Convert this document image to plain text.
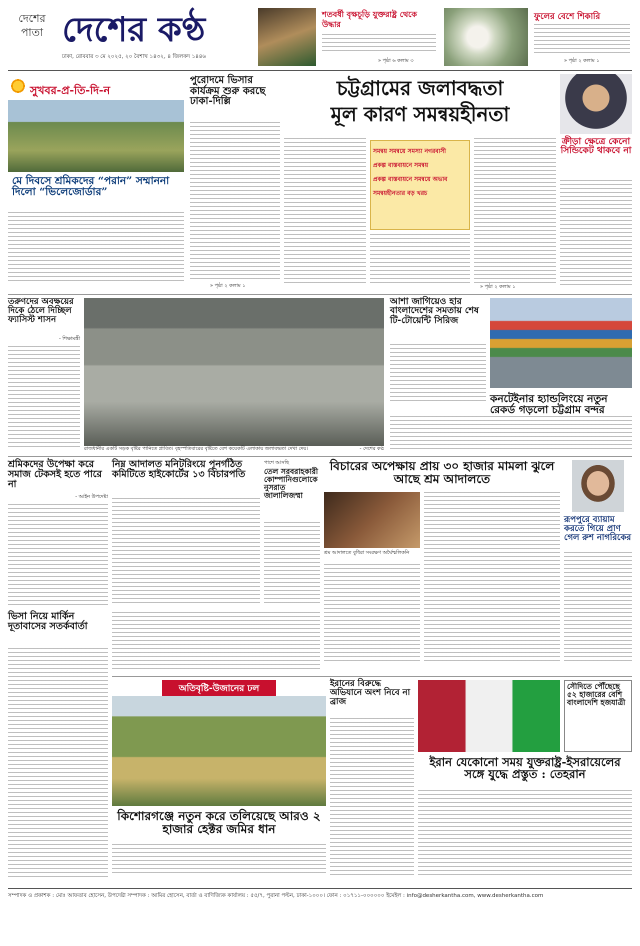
দেশের
পাতা দেশের কণ্ঠ
ঢাকা, রোববার ৩ মে ২০২৫, ২০ বৈশাখ ১৪৩২, ৪ জিলকদ ১৪৪৬
শতবর্ষী বৃক্ষচূড়ি যুক্তরাষ্ট্র থেকে উদ্ধার
» পৃষ্ঠা ৬ কলাম ৩
ফুলের বেশে শিকারি
» পৃষ্ঠা ২ কলাম ১
সুখবর-প্র-তি-দি-ন
মে দিবসে শ্রমিকদের “পরান” সম্মাননা দিলো “ভিলেজোর্ডার”
পুরোদমে ভিসার কার্যক্রম শুরু করছে ঢাকা-দিল্লি
» পৃষ্ঠা ২ কলাম ১
চট্টগ্রামের জলাবদ্ধতা
মূল কারণ সমন্বয়হীনতা
সমন্বয় সমন্বয়ে সমস্যা নগরবাসী
প্রকল্প বাস্তবায়নে সমন্বয়
প্রকল্প বাস্তবায়নে সমন্বয়ে অভাব
সমন্বয়হীনতার বড় খরচ
» পৃষ্ঠা ২ কলাম ১
ক্রীড়া ক্ষেত্রে কেনো সিন্ডিকেট থাকবে না
তরুণদের অবক্ষয়ের দিকে ঠেলে দিচ্ছিল ফ্যাসিস্ট শাসন
- শিক্ষামন্ত্রী
রাজধানীর একটি সড়ক বৃষ্টির পানিতে প্লাবিত। বৃহস্পতিবারের বৃষ্টিতে বেশ কয়েকটি এলাকায় জলাবদ্ধতা দেখা দেয়।	- দেশের কণ্ঠ
আশা জাগিয়েও হার বাংলাদেশের সমতায় শেষ টি-টোয়েন্টি সিরিজ
কনটেইনার হ্যান্ডলিংয়ে নতুন রেকর্ড গড়লো চট্টগ্রাম বন্দর
শ্রমিকদের উপেক্ষা করে সমাজ টেকসই হতে পারে না
- আইন উপদেষ্টা
নিম্ন আদালত মনিটরিংয়ে পূনর্গঠিত কমিটিতে হাইকোর্টের ১৩ বিচারপতি
পাশে আসছি
তেল সরবরাহকারী কোম্পানিগুলোকে নুসরাত জালালিজম্মা
বিচারের অপেক্ষায় প্রায় ৩০ হাজার মামলা ঝুলে আছে শ্রম আদালতে
শ্রম আদালতে বুধিরা সংরক্ষণ অর্ঘৈশ্চলিকনি
রূপপুরে ব্যায়াম করতে গিয়ে প্রাণ গেল রুশ নাগরিকের
ভিসা নিয়ে মার্কিন দূতাবাসের সতর্কবার্তা
অতিবৃষ্টি-উজানের ঢল
কিশোরগঞ্জে নতুন করে তলিয়েছে আরও ২ হাজার হেক্টর জমির ধান
ইরানের বিরুদ্ধে অভিযানে অংশ নিবে না ব্রাজ
সৌদিতে পৌঁছেছে ৫২ হাজারের বেশি বাংলাদেশি হজযাত্রী
ইরান যেকোনো সময় যুক্তরাষ্ট্র-ইসরায়েলের সঙ্গে যুদ্ধে প্রস্তুত : তেহরান
সম্পাদক ও প্রকাশক : মোঃ আফতাব হোসেন, উপদেষ্টা সম্পাদক : আমির হোসেন, বার্তা ও বাণিজ্যিক কার্যালয় : ৫৫/৭, পুরানা পল্টন, ঢাকা-১০০০। ফোন : ০১৭১১-০০০০০০ ইমেইল : info@desherkantha.com, www.desherkantha.com
